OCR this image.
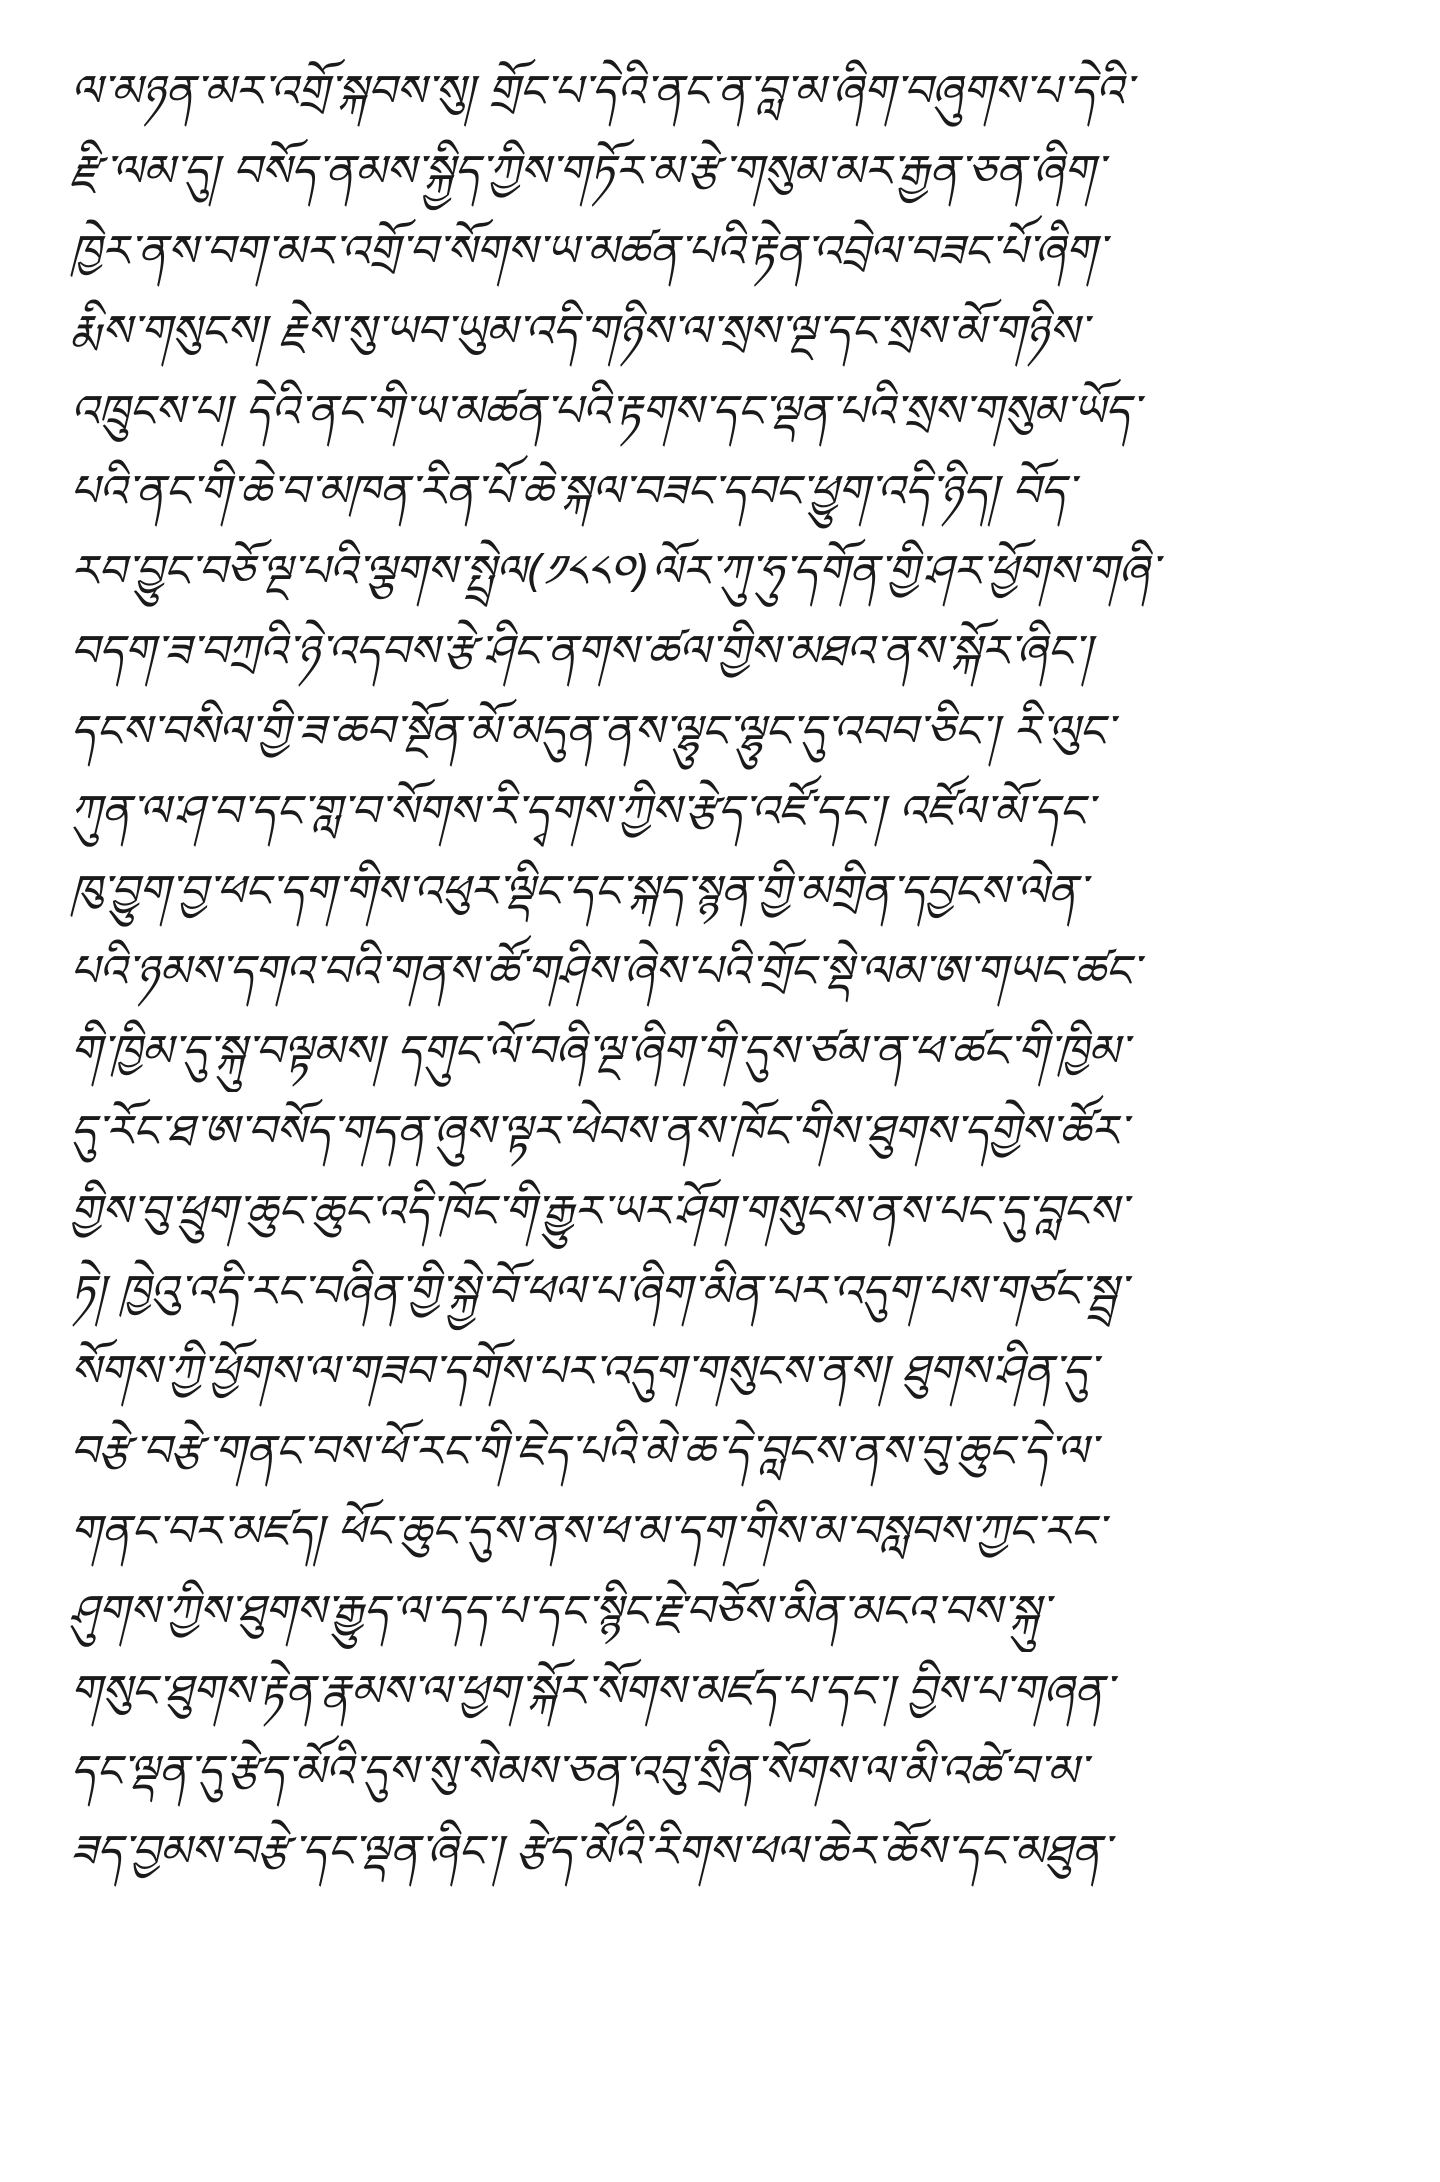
ལ་མཉན་མར་འགྲོ་སྐབས་སུ། གྲོང་པ་དེའི་ནང་ན་བླ་མ་ཞིག་བཞུགས་པ་དེའི་
རྫི་ལམ་དུ། བསོད་ནམས་སྐྱིད་ཀྱིས་གཏོར་མ་རྩེ་གསུམ་མར་རྒྱན་ཅན་ཞིག་
ཁྱེར་ནས་བག་མར་འགྲོ་བ་སོགས་ཡ་མཚན་པའི་རྟེན་འབྲེལ་བཟང་པོ་ཞིག་
རྨིས་གསུངས། རྗེས་སུ་ཡབ་ཡུམ་འདི་གཉིས་ལ་སྲས་ལྔ་དང་སྲས་མོ་གཉིས་
འཁྲུངས་པ། དེའི་ནང་གི་ཡ་མཚན་པའི་རྟགས་དང་ལྡན་པའི་སྲས་གསུམ་ཡོད་
པའི་ནང་གི་ཆེ་བ་མཁན་རིན་པོ་ཆེ་སྐལ་བཟང་དབང་ཕྱུག་འདི་ཉིད། བོད་
རབ་བྱུང་བཅོ་ལྔ་པའི་ལྕགས་སྤྲེལ(༡༨༨༠)ལོར་ཀུ་ཧུ་དགོན་གྱི་ཤར་ཕྱོགས་གཞི་
བདག་ཟ་བཀྲའི་ཉེ་འདབས་རྩེ་ཤིང་ནགས་ཚལ་གྱིས་མཐའ་ནས་སྐོར་ཞིང་།
དངས་བསིལ་གྱི་ཟ་ཆབ་སྔོན་མོ་མདུན་ནས་ལྷུང་ལྷུང་དུ་འབབ་ཅིང་། རི་ལུང་
ཀུན་ལ་ཤ་བ་དང་གླ་བ་སོགས་རི་དྭགས་ཀྱིས་རྩེད་འཛོ་དང་། འཛོལ་མོ་དང་
ཁུ་བྱུག་བྱ་ཕང་དག་གིས་འཕུར་ལྡིང་དང་སྐད་སྙན་གྱི་མགྲིན་དབྱངས་ལེན་
པའི་ཉམས་དགའ་བའི་གནས་ཚོ་གཤིས་ཞེས་པའི་གྲོང་སྡེ་ལམ་ཨ་གཡང་ཚང་
གི་ཁྱིམ་དུ་སྐུ་བལྟམས། དགུང་ལོ་བཞི་ལྔ་ཞིག་གི་དུས་ཙམ་ན་ཕ་ཚང་གི་ཁྱིམ་
དུ་རོང་ཐ་ཨ་བསོད་གདན་ཞུས་ལྟར་ཕེབས་ནས་ཁོང་གིས་ཐུགས་དགྱེས་ཚོར་
གྱིས་བུ་ཕྲུག་ཆུང་ཆུང་འདི་ཁོང་གི་རྒྱུར་ཡར་ཤོག་གསུངས་ནས་པང་དུ་བླངས་
ཏེ། ཁྱེའུ་འདི་རང་བཞིན་གྱི་སྐྱེ་བོ་ཕལ་པ་ཞིག་མིན་པར་འདུག་པས་གཙང་སྦྲ་
སོགས་ཀྱི་ཕྱོགས་ལ་གཟབ་དགོས་པར་འདུག་གསུངས་ནས། ཐུགས་ཤིན་དུ་
བརྩེ་བརྩེ་གནང་བས་ཕོ་རང་གི་ཇེད་པའི་མེ་ཆ་དེ་བླངས་ནས་བུ་ཆུང་དེ་ལ་
གནང་བར་མཛད། ཕོང་ཆུང་དུས་ནས་ཕ་མ་དག་གིས་མ་བསླབས་ཀྱང་རང་
ཤུགས་ཀྱིས་ཐུགས་རྒྱུད་ལ་དད་པ་དང་སྙིང་རྗེ་བཅོས་མིན་མངའ་བས་སྐུ་
གསུང་ཐུགས་རྟེན་རྣམས་ལ་ཕྱག་སྐོར་སོགས་མཛད་པ་དང་། བྱིས་པ་གཞན་
དང་ལྡན་དུ་རྩེད་མོའི་དུས་སུ་སེམས་ཅན་འབུ་སྲིན་སོགས་ལ་མི་འཚེ་བ་མ་
ཟད་བྱམས་བརྩེ་དང་ལྡན་ཞིང་། རྩེད་མོའི་རིགས་ཕལ་ཆེར་ཆོས་དང་མཐུན་
